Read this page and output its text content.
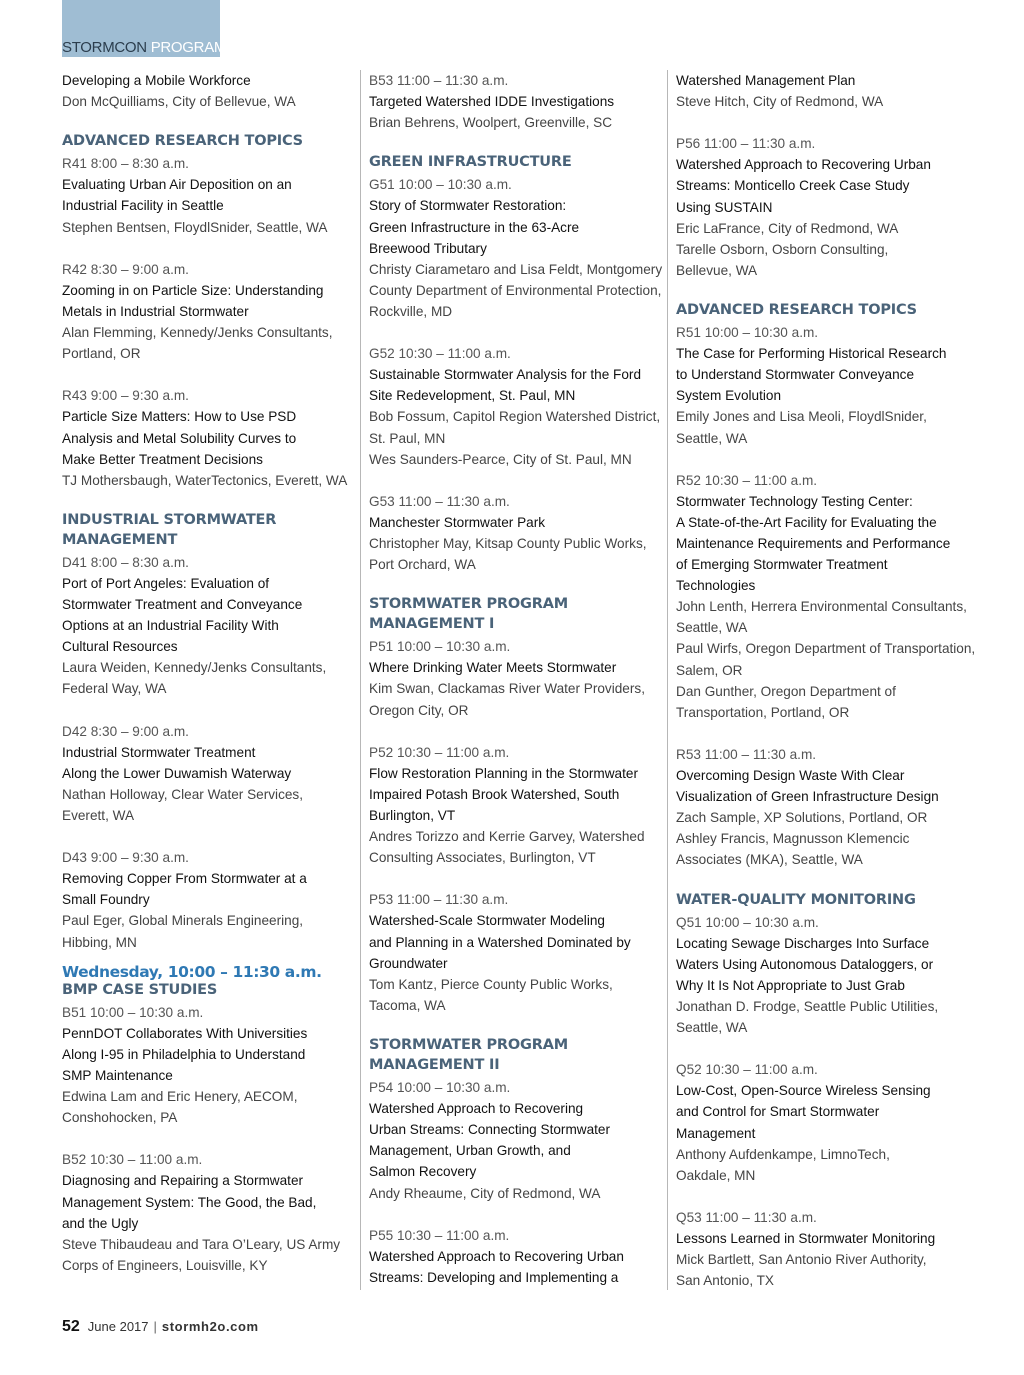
STORMCON PROGRAM
Developing a Mobile Workforce
Don McQuilliams, City of Bellevue, WA
ADVANCED RESEARCH TOPICS
R41 8:00 – 8:30 a.m.
Evaluating Urban Air Deposition on an
Industrial Facility in Seattle
Stephen Bentsen, FloydlSnider, Seattle, WA
R42 8:30 – 9:00 a.m.
Zooming in on Particle Size: Understanding
Metals in Industrial Stormwater
Alan Flemming, Kennedy/Jenks Consultants,
Portland, OR
R43 9:00 – 9:30 a.m.
Particle Size Matters: How to Use PSD
Analysis and Metal Solubility Curves to
Make Better Treatment Decisions
TJ Mothersbaugh, WaterTectonics, Everett, WA
INDUSTRIAL STORMWATER
MANAGEMENT
D41 8:00 – 8:30 a.m.
Port of Port Angeles: Evaluation of
Stormwater Treatment and Conveyance
Options at an Industrial Facility With
Cultural Resources
Laura Weiden, Kennedy/Jenks Consultants,
Federal Way, WA
D42 8:30 – 9:00 a.m.
Industrial Stormwater Treatment
Along the Lower Duwamish Waterway
Nathan Holloway, Clear Water Services,
Everett, WA
D43 9:00 – 9:30 a.m.
Removing Copper From Stormwater at a
Small Foundry
Paul Eger, Global Minerals Engineering,
Hibbing, MN
Wednesday, 10:00 – 11:30 a.m.
BMP CASE STUDIES
B51 10:00 – 10:30 a.m.
PennDOT Collaborates With Universities
Along I-95 in Philadelphia to Understand
SMP Maintenance
Edwina Lam and Eric Henery, AECOM,
Conshohocken, PA
B52 10:30 – 11:00 a.m.
Diagnosing and Repairing a Stormwater
Management System: The Good, the Bad,
and the Ugly
Steve Thibaudeau and Tara O’Leary, US Army
Corps of Engineers, Louisville, KY
B53 11:00 – 11:30 a.m.
Targeted Watershed IDDE Investigations
Brian Behrens, Woolpert, Greenville, SC
GREEN INFRASTRUCTURE
G51 10:00 – 10:30 a.m.
Story of Stormwater Restoration:
Green Infrastructure in the 63-Acre
Breewood Tributary
Christy Ciarametaro and Lisa Feldt, Montgomery
County Department of Environmental Protection,
Rockville, MD
G52 10:30 – 11:00 a.m.
Sustainable Stormwater Analysis for the Ford
Site Redevelopment, St. Paul, MN
Bob Fossum, Capitol Region Watershed District,
St. Paul, MN
Wes Saunders-Pearce, City of St. Paul, MN
G53 11:00 – 11:30 a.m.
Manchester Stormwater Park
Christopher May, Kitsap County Public Works,
Port Orchard, WA
STORMWATER PROGRAM
MANAGEMENT I
P51 10:00 – 10:30 a.m.
Where Drinking Water Meets Stormwater
Kim Swan, Clackamas River Water Providers,
Oregon City, OR
P52 10:30 – 11:00 a.m.
Flow Restoration Planning in the Stormwater
Impaired Potash Brook Watershed, South
Burlington, VT
Andres Torizzo and Kerrie Garvey, Watershed
Consulting Associates, Burlington, VT
P53 11:00 – 11:30 a.m.
Watershed-Scale Stormwater Modeling
and Planning in a Watershed Dominated by
Groundwater
Tom Kantz, Pierce County Public Works,
Tacoma, WA
STORMWATER PROGRAM
MANAGEMENT II
P54 10:00 – 10:30 a.m.
Watershed Approach to Recovering
Urban Streams: Connecting Stormwater
Management, Urban Growth, and
Salmon Recovery
Andy Rheaume, City of Redmond, WA
P55 10:30 – 11:00 a.m.
Watershed Approach to Recovering Urban
Streams: Developing and Implementing a
Watershed Management Plan
Steve Hitch, City of Redmond, WA
P56 11:00 – 11:30 a.m.
Watershed Approach to Recovering Urban
Streams: Monticello Creek Case Study
Using SUSTAIN
Eric LaFrance, City of Redmond, WA
Tarelle Osborn, Osborn Consulting,
Bellevue, WA
ADVANCED RESEARCH TOPICS
R51 10:00 – 10:30 a.m.
The Case for Performing Historical Research
to Understand Stormwater Conveyance
System Evolution
Emily Jones and Lisa Meoli, FloydlSnider,
Seattle, WA
R52 10:30 – 11:00 a.m.
Stormwater Technology Testing Center:
A State-of-the-Art Facility for Evaluating the
Maintenance Requirements and Performance
of Emerging Stormwater Treatment
Technologies
John Lenth, Herrera Environmental Consultants,
Seattle, WA
Paul Wirfs, Oregon Department of Transportation,
Salem, OR
Dan Gunther, Oregon Department of
Transportation, Portland, OR
R53 11:00 – 11:30 a.m.
Overcoming Design Waste With Clear
Visualization of Green Infrastructure Design
Zach Sample, XP Solutions, Portland, OR
Ashley Francis, Magnusson Klemencic
Associates (MKA), Seattle, WA
WATER-QUALITY MONITORING
Q51 10:00 – 10:30 a.m.
Locating Sewage Discharges Into Surface
Waters Using Autonomous Dataloggers, or
Why It Is Not Appropriate to Just Grab
Jonathan D. Frodge, Seattle Public Utilities,
Seattle, WA
Q52 10:30 – 11:00 a.m.
Low-Cost, Open-Source Wireless Sensing
and Control for Smart Stormwater
Management
Anthony Aufdenkampe, LimnoTech,
Oakdale, MN
Q53 11:00 – 11:30 a.m.
Lessons Learned in Stormwater Monitoring
Mick Bartlett, San Antonio River Authority,
San Antonio, TX
52 June 2017 | stormh2o.com
